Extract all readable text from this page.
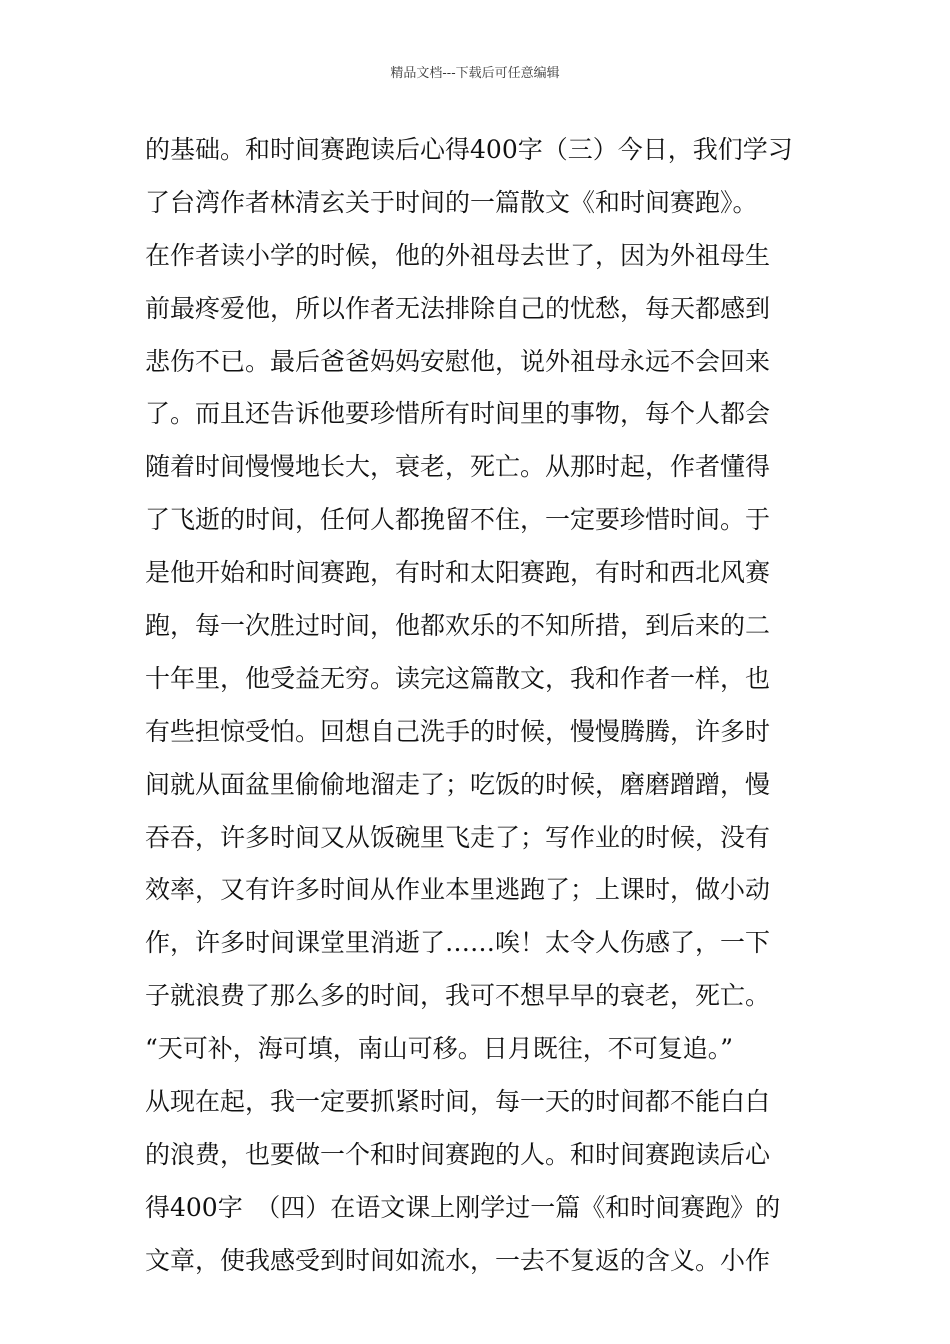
精品文档---下载后可任意编辑
的基础。和时间赛跑读后心得400字（三）今日，我们学习
了台湾作者林清玄关于时间的一篇散文《和时间赛跑》。
在作者读小学的时候，他的外祖母去世了，因为外祖母生
前最疼爱他，所以作者无法排除自己的忧愁，每天都感到
悲伤不已。最后爸爸妈妈安慰他，说外祖母永远不会回来
了。而且还告诉他要珍惜所有时间里的事物，每个人都会
随着时间慢慢地长大，衰老，死亡。从那时起，作者懂得
了飞逝的时间，任何人都挽留不住，一定要珍惜时间。于
是他开始和时间赛跑，有时和太阳赛跑，有时和西北风赛
跑，每一次胜过时间，他都欢乐的不知所措，到后来的二
十年里，他受益无穷。读完这篇散文，我和作者一样，也
有些担惊受怕。回想自己洗手的时候，慢慢腾腾，许多时
间就从面盆里偷偷地溜走了；吃饭的时候，磨磨蹭蹭，慢
吞吞，许多时间又从饭碗里飞走了；写作业的时候，没有
效率，又有许多时间从作业本里逃跑了；上课时，做小动
作，许多时间课堂里消逝了……唉！太令人伤感了，一下
子就浪费了那么多的时间，我可不想早早的衰老，死亡。
“天可补，海可填，南山可移。日月既往，不可复追。”
从现在起，我一定要抓紧时间，每一天的时间都不能白白
的浪费，也要做一个和时间赛跑的人。和时间赛跑读后心
得400字　（四）在语文课上刚学过一篇《和时间赛跑》的
文章，使我感受到时间如流水，一去不复返的含义。小作
